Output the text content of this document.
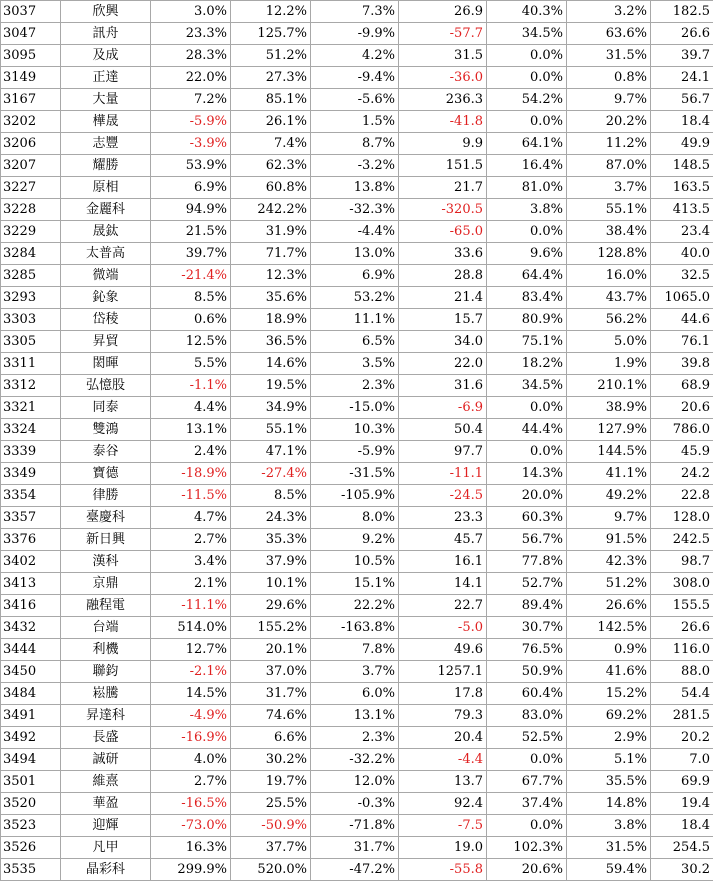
3037	欣興	3.0%	12.2%	7.3%	26.9	40.3%	3.2%	182.5
3047	訊舟	23.3%	125.7%	-9.9%	-57.7	34.5%	63.6%	26.6
3095	及成	28.3%	51.2%	4.2%	31.5	0.0%	31.5%	39.7
3149	正達	22.0%	27.3%	-9.4%	-36.0	0.0%	0.8%	24.1
3167	大量	7.2%	85.1%	-5.6%	236.3	54.2%	9.7%	56.7
3202	樺晟	-5.9%	26.1%	1.5%	-41.8	0.0%	20.2%	18.4
3206	志豐	-3.9%	7.4%	8.7%	9.9	64.1%	11.2%	49.9
3207	耀勝	53.9%	62.3%	-3.2%	151.5	16.4%	87.0%	148.5
3227	原相	6.9%	60.8%	13.8%	21.7	81.0%	3.7%	163.5
3228	金麗科	94.9%	242.2%	-32.3%	-320.5	3.8%	55.1%	413.5
3229	晟鈦	21.5%	31.9%	-4.4%	-65.0	0.0%	38.4%	23.4
3284	太普高	39.7%	71.7%	13.0%	33.6	9.6%	128.8%	40.0
3285	微端	-21.4%	12.3%	6.9%	28.8	64.4%	16.0%	32.5
3293	鈊象	8.5%	35.6%	53.2%	21.4	83.4%	43.7%	1065.0
3303	岱稜	0.6%	18.9%	11.1%	15.7	80.9%	56.2%	44.6
3305	昇貿	12.5%	36.5%	6.5%	34.0	75.1%	5.0%	76.1
3311	閎暉	5.5%	14.6%	3.5%	22.0	18.2%	1.9%	39.8
3312	弘憶股	-1.1%	19.5%	2.3%	31.6	34.5%	210.1%	68.9
3321	同泰	4.4%	34.9%	-15.0%	-6.9	0.0%	38.9%	20.6
3324	雙鴻	13.1%	55.1%	10.3%	50.4	44.4%	127.9%	786.0
3339	泰谷	2.4%	47.1%	-5.9%	97.7	0.0%	144.5%	45.9
3349	寶德	-18.9%	-27.4%	-31.5%	-11.1	14.3%	41.1%	24.2
3354	律勝	-11.5%	8.5%	-105.9%	-24.5	20.0%	49.2%	22.8
3357	臺慶科	4.7%	24.3%	8.0%	23.3	60.3%	9.7%	128.0
3376	新日興	2.7%	35.3%	9.2%	45.7	56.7%	91.5%	242.5
3402	漢科	3.4%	37.9%	10.5%	16.1	77.8%	42.3%	98.7
3413	京鼎	2.1%	10.1%	15.1%	14.1	52.7%	51.2%	308.0
3416	融程電	-11.1%	29.6%	22.2%	22.7	89.4%	26.6%	155.5
3432	台端	514.0%	155.2%	-163.8%	-5.0	30.7%	142.5%	26.6
3444	利機	12.7%	20.1%	7.8%	49.6	76.5%	0.9%	116.0
3450	聯鈞	-2.1%	37.0%	3.7%	1257.1	50.9%	41.6%	88.0
3484	崧騰	14.5%	31.7%	6.0%	17.8	60.4%	15.2%	54.4
3491	昇達科	-4.9%	74.6%	13.1%	79.3	83.0%	69.2%	281.5
3492	長盛	-16.9%	6.6%	2.3%	20.4	52.5%	2.9%	20.2
3494	誠研	4.0%	30.2%	-32.2%	-4.4	0.0%	5.1%	7.0
3501	維熹	2.7%	19.7%	12.0%	13.7	67.7%	35.5%	69.9
3520	華盈	-16.5%	25.5%	-0.3%	92.4	37.4%	14.8%	19.4
3523	迎輝	-73.0%	-50.9%	-71.8%	-7.5	0.0%	3.8%	18.4
3526	凡甲	16.3%	37.7%	31.7%	19.0	102.3%	31.5%	254.5
3535	晶彩科	299.9%	520.0%	-47.2%	-55.8	20.6%	59.4%	30.2
